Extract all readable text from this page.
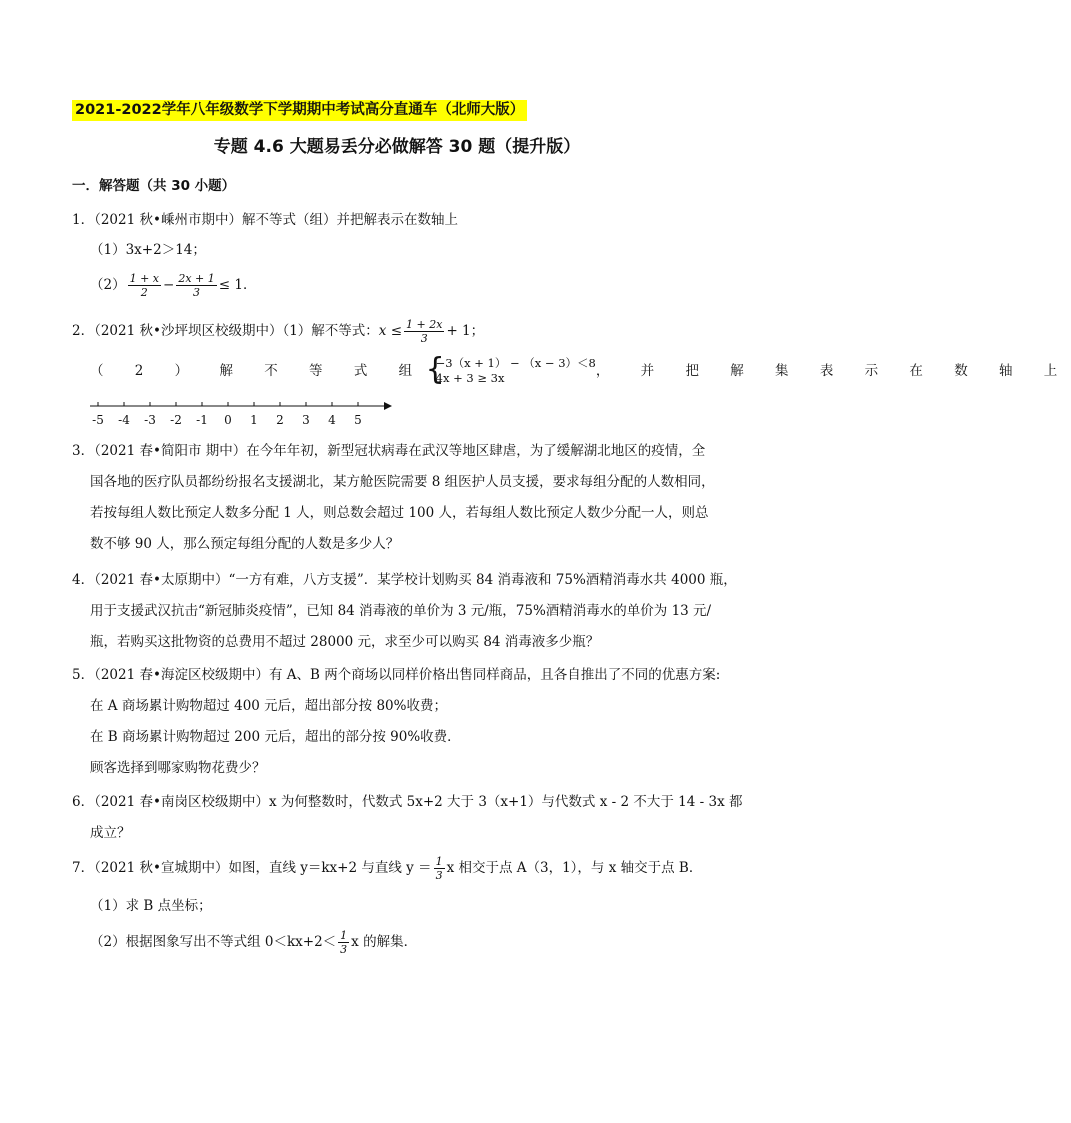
2021-2022学年八年级数学下学期期中考试高分直通车（北师大版）
专题 4.6 大题易丢分必做解答 30 题（提升版）
一．解答题（共 30 小题）
1．（2021 秋•嵊州市期中）解不等式（组）并把解表示在数轴上
（1）3x+2＞14；
$(2) \frac{1 + x}{2} - \frac{2x + 1}{3} \le 1$．
2．（2021 秋•沙坪坝区校级期中）（1）解不等式： $x \le \frac{1 + 2x}{3} + 1$；
（ 2 ） 解 不 等 式 组 {
−3（x + 1） − （x − 3）＜8
4x + 3 ≥ 3x	， 并 把 解 集 表 示 在 数 轴 上
-5 -4 -3 -2 -1 0 1 2 3 4 5
3．（2021 春•简阳市 期中）在今年年初，新型冠状病毒在武汉等地区肆虐，为了缓解湖北地区的疫情，全
国各地的医疗队员都纷纷报名支援湖北，某方舱医院需要 8 组医护人员支援，要求每组分配的人数相同，
若按每组人数比预定人数多分配 1 人，则总数会超过 100 人，若每组人数比预定人数少分配一人，则总
数不够 90 人，那么预定每组分配的人数是多少人？
4．（2021 春•太原期中）“一方有难，八方支援”．某学校计划购买 84 消毒液和 75%酒精消毒水共 4000 瓶，
用于支援武汉抗击“新冠肺炎疫情”，已知 84 消毒液的单价为 3 元/瓶，75%酒精消毒水的单价为 13 元/
瓶，若购买这批物资的总费用不超过 28000 元，求至少可以购买 84 消毒液多少瓶？
5．（2021 春•海淀区校级期中）有 A、B 两个商场以同样价格出售同样商品，且各自推出了不同的优惠方案:
在 A 商场累计购物超过 400 元后，超出部分按 80%收费；
在 B 商场累计购物超过 200 元后，超出的部分按 90%收费．
顾客选择到哪家购物花费少？
6．（2021 春•南岗区校级期中）x 为何整数时，代数式 5x+2 大于 3（x+1）与代数式 x - 2 不大于 14 - 3x 都
成立？
7．（2021 秋•宣城期中）如图，直线 y＝kx+2 与直线 $y = \frac{1}{3}$ x 相交于点 A（3，1），与 x 轴交于点 B．
（1）求 B 点坐标；
（2）根据图象写出不等式组 $0<kx+2< \frac{1}{3}$ x 的解集．
